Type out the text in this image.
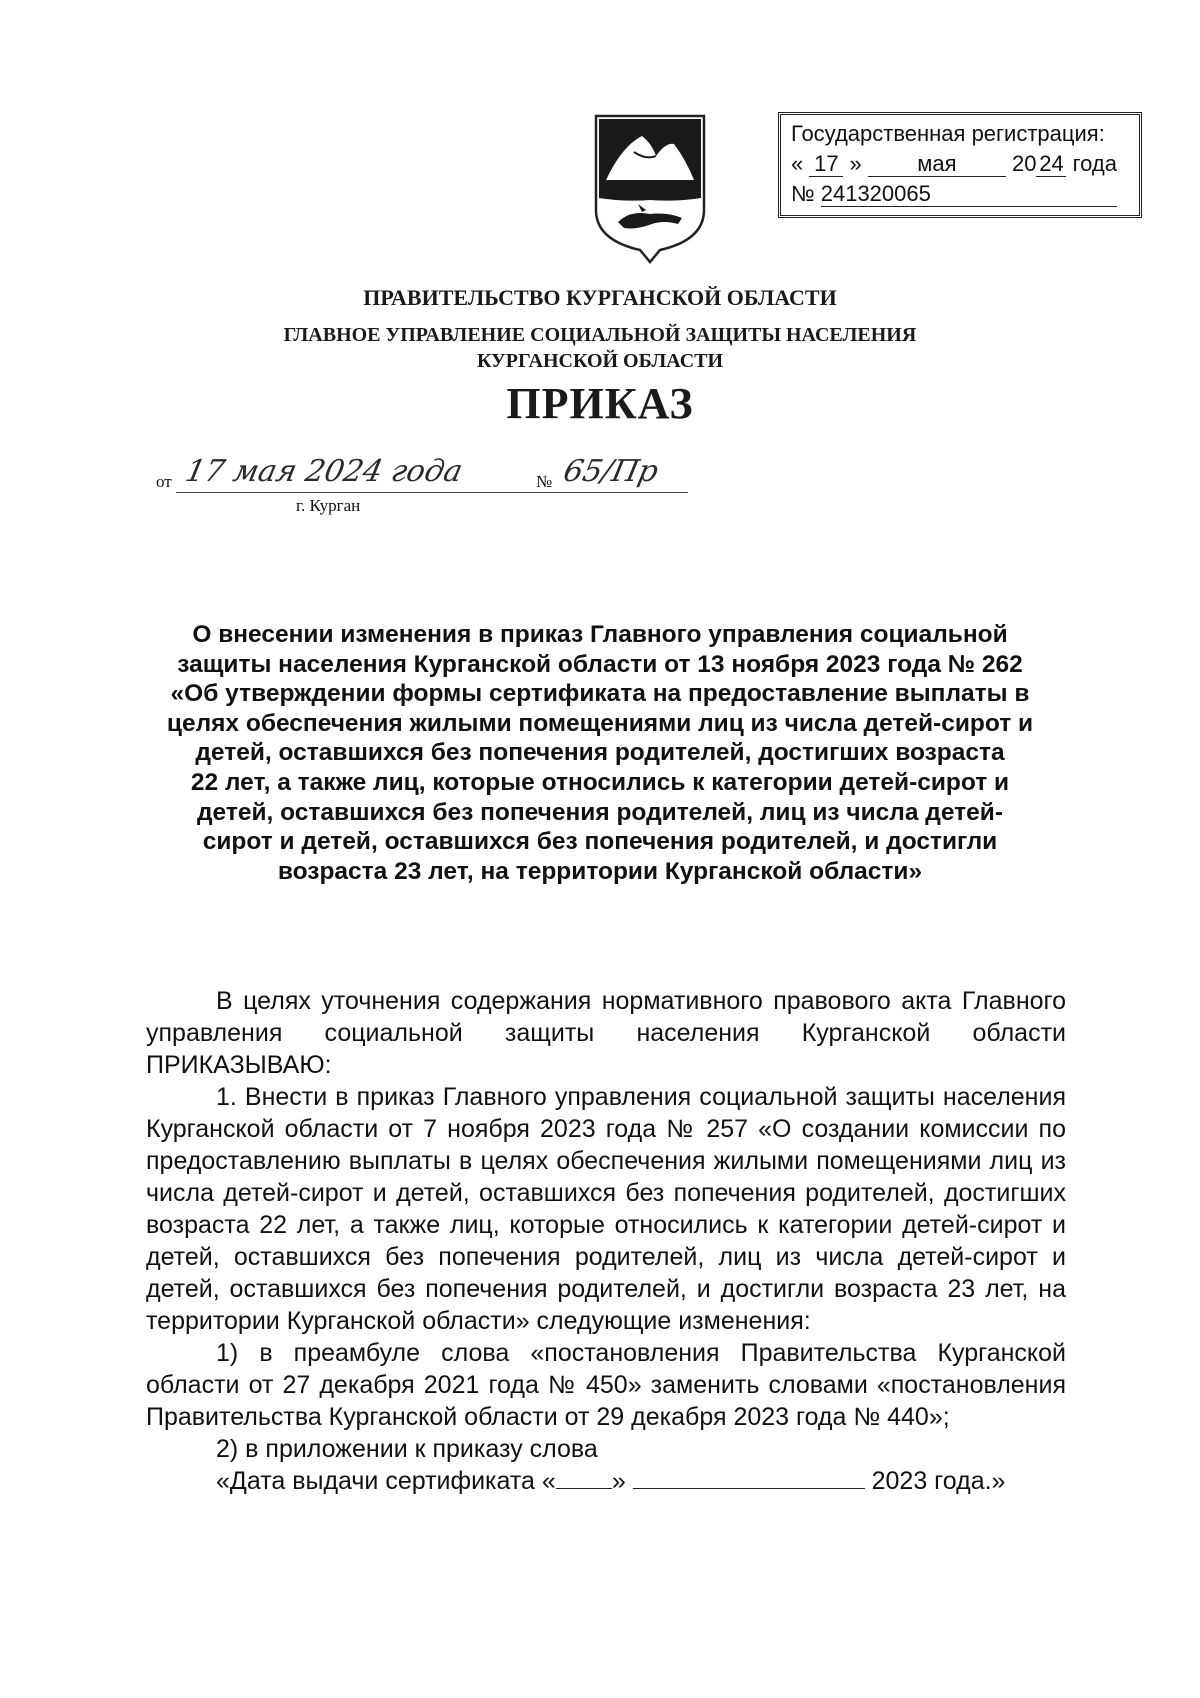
Государственная регистрация:
« 17 »	мая	20 24 года
№ 241320065
ПРАВИТЕЛЬСТВО КУРГАНСКОЙ ОБЛАСТИ
ГЛАВНОЕ УПРАВЛЕНИЕ СОЦИАЛЬНОЙ ЗАЩИТЫ НАСЕЛЕНИЯ
КУРГАНСКОЙ ОБЛАСТИ
ПРИКАЗ
от 17 мая 2024 года	№ 65/Пр
г. Курган
О внесении изменения в приказ Главного управления социальной
защиты населения Курганской области от 13 ноября 2023 года № 262
«Об утверждении формы сертификата на предоставление выплаты в
целях обеспечения жилыми помещениями лиц из числа детей-сирот и
детей, оставшихся без попечения родителей, достигших возраста
22 лет, а также лиц, которые относились к категории детей-сирот и
детей, оставшихся без попечения родителей, лиц из числа детей-
сирот и детей, оставшихся без попечения родителей, и достигли
возраста 23 лет, на территории Курганской области»

В целях уточнения содержания нормативного правового акта Главного управления социальной защиты населения Курганской области ПРИКАЗЫВАЮ:

1. Внести в приказ Главного управления социальной защиты населения Курганской области от 7 ноября 2023 года № 257 «О создании комиссии по предоставлению выплаты в целях обеспечения жилыми помещениями лиц из числа детей-сирот и детей, оставшихся без попечения родителей, достигших возраста 22 лет, а также лиц, которые относились к категории детей-сирот и детей, оставшихся без попечения родителей, лиц из числа детей-сирот и детей, оставшихся без попечения родителей, и достигли возраста 23 лет, на территории Курганской области» следующие изменения:

1) в преамбуле слова «постановления Правительства Курганской области от 27 декабря 2021 года № 450» заменить словами «постановления Правительства Курганской области от 29 декабря 2023 года № 440»;

2) в приложении к приказу слова

«Дата выдачи сертификата « »	2023 года.»
